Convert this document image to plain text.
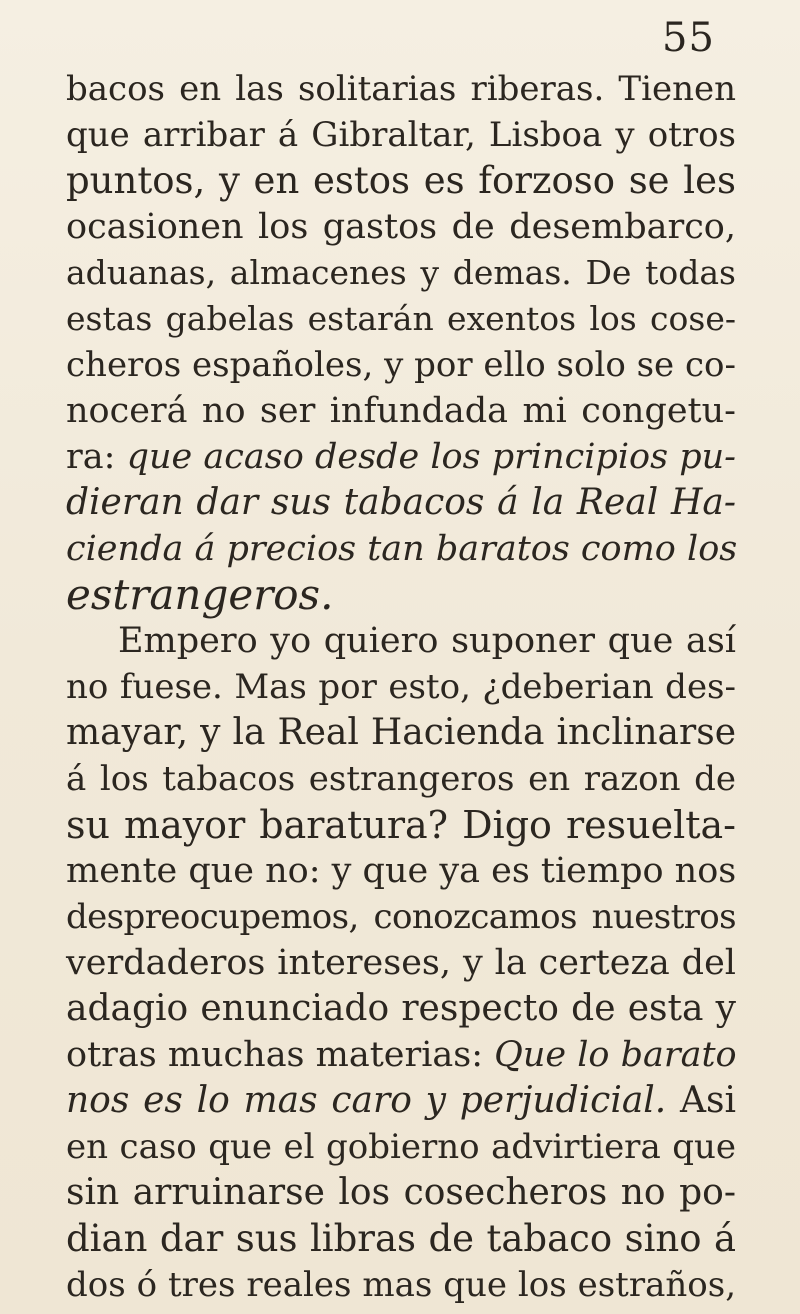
55
bacos en las solitarias riberas. Tienen
que arribar á Gibraltar, Lisboa y otros
puntos, y en estos es forzoso se les
ocasionen los gastos de desembarco,
aduanas, almacenes y demas. De todas
estas gabelas estarán exentos los cose-
cheros españoles, y por ello solo se co-
nocerá no ser infundada mi congetu-
ra: que acaso desde los principios pu-
dieran dar sus tabacos á la Real Ha-
cienda á precios tan baratos como los
estrangeros.
Empero yo quiero suponer que así
no fuese. Mas por esto, ¿deberian des-
mayar, y la Real Hacienda inclinarse
á los tabacos estrangeros en razon de
su mayor baratura? Digo resuelta-
mente que no: y que ya es tiempo nos
despreocupemos, conozcamos nuestros
verdaderos intereses, y la certeza del
adagio enunciado respecto de esta y
otras muchas materias: Que lo barato
nos es lo mas caro y perjudicial. Asi
en caso que el gobierno advirtiera que
sin arruinarse los cosecheros no po-
dian dar sus libras de tabaco sino á
dos ó tres reales mas que los estraños,
